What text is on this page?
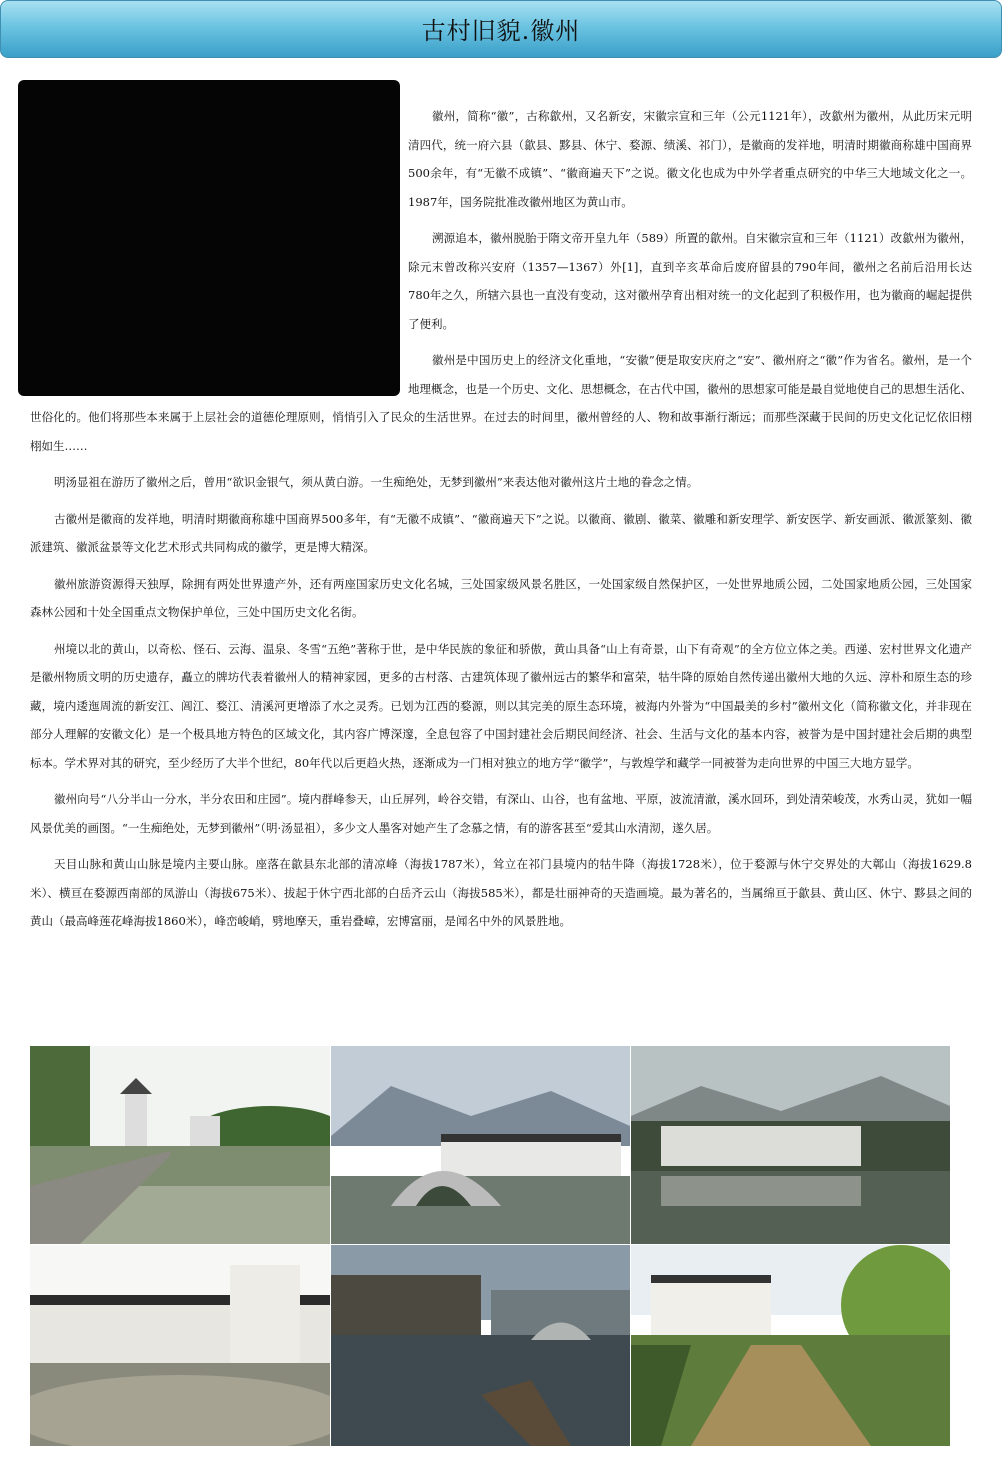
古村旧貌.徽州

徽州，简称“徽”，古称歙州，又名新安，宋徽宗宣和三年（公元1121年），改歙州为徽州，从此历宋元明清四代，统一府六县（歙县、黟县、休宁、婺源、绩溪、祁门），是徽商的发祥地，明清时期徽商称雄中国商界500余年，有“无徽不成镇”、“徽商遍天下”之说。徽文化也成为中外学者重点研究的中华三大地域文化之一。1987年，国务院批准改徽州地区为黄山市。

溯源追本，徽州脱胎于隋文帝开皇九年（589）所置的歙州。自宋徽宗宣和三年（1121）改歙州为徽州，除元末曾改称兴安府（1357—1367）外[1]，直到辛亥革命后废府留县的790年间，徽州之名前后沿用长达780年之久，所辖六县也一直没有变动，这对徽州孕育出相对统一的文化起到了积极作用，也为徽商的崛起提供了便利。

徽州是中国历史上的经济文化重地，“安徽”便是取安庆府之“安”、徽州府之“徽”作为省名。徽州，是一个地理概念，也是一个历史、文化、思想概念，在古代中国，徽州的思想家可能是最自觉地使自己的思想生活化、世俗化的。他们将那些本来属于上层社会的道德伦理原则，悄悄引入了民众的生活世界。在过去的时间里，徽州曾经的人、物和故事渐行渐远；而那些深藏于民间的历史文化记忆依旧栩栩如生……

明汤显祖在游历了徽州之后，曾用“欲识金银气，须从黄白游。一生痴绝处，无梦到徽州”来表达他对徽州这片土地的眷念之情。

古徽州是徽商的发祥地，明清时期徽商称雄中国商界500多年，有“无徽不成镇”、“徽商遍天下”之说。以徽商、徽剧、徽菜、徽雕和新安理学、新安医学、新安画派、徽派篆刻、徽派建筑、徽派盆景等文化艺术形式共同构成的徽学，更是博大精深。

徽州旅游资源得天独厚，除拥有两处世界遗产外，还有两座国家历史文化名城，三处国家级风景名胜区，一处国家级自然保护区，一处世界地质公园，二处国家地质公园，三处国家森林公园和十处全国重点文物保护单位，三处中国历史文化名街。

州境以北的黄山，以奇松、怪石、云海、温泉、冬雪“五绝”著称于世，是中华民族的象征和骄傲，黄山具备“山上有奇景，山下有奇观”的全方位立体之美。西递、宏村世界文化遗产是徽州物质文明的历史遗存，矗立的牌坊代表着徽州人的精神家园，更多的古村落、古建筑体现了徽州远古的繁华和富荣，牯牛降的原始自然传递出徽州大地的久远、淳朴和原生态的珍藏，境内逶迤周流的新安江、阊江、婺江、清溪河更增添了水之灵秀。已划为江西的婺源，则以其完美的原生态环境，被海内外誉为“中国最美的乡村”徽州文化（简称徽文化，并非现在部分人理解的安徽文化）是一个极具地方特色的区域文化，其内容广博深邃，全息包容了中国封建社会后期民间经济、社会、生活与文化的基本内容，被誉为是中国封建社会后期的典型标本。学术界对其的研究，至少经历了大半个世纪，80年代以后更趋火热，逐渐成为一门相对独立的地方学“徽学”，与敦煌学和藏学一同被誉为走向世界的中国三大地方显学。

徽州向号“八分半山一分水，半分农田和庄园”。境内群峰参天，山丘屏列，岭谷交错，有深山、山谷，也有盆地、平原，波流清澈，溪水回环，到处清荣峻茂，水秀山灵，犹如一幅风景优美的画图。“一生痴绝处，无梦到徽州”（明·汤显祖），多少文人墨客对她产生了念慕之情，有的游客甚至“爱其山水清沏，遂久居。

天目山脉和黄山山脉是境内主要山脉。座落在歙县东北部的清凉峰（海拔1787米），耸立在祁门县境内的牯牛降（海拔1728米），位于婺源与休宁交界处的大鄣山（海拔1629.8米）、横亘在婺源西南部的凤游山（海拔675米）、拔起于休宁西北部的白岳齐云山（海拔585米），都是壮丽神奇的天造画境。最为著名的，当属绵亘于歙县、黄山区、休宁、黟县之间的黄山（最高峰莲花峰海拔1860米），峰峦峻峭，劈地摩天，重岩叠嶂，宏博富丽，是闻名中外的风景胜地。
